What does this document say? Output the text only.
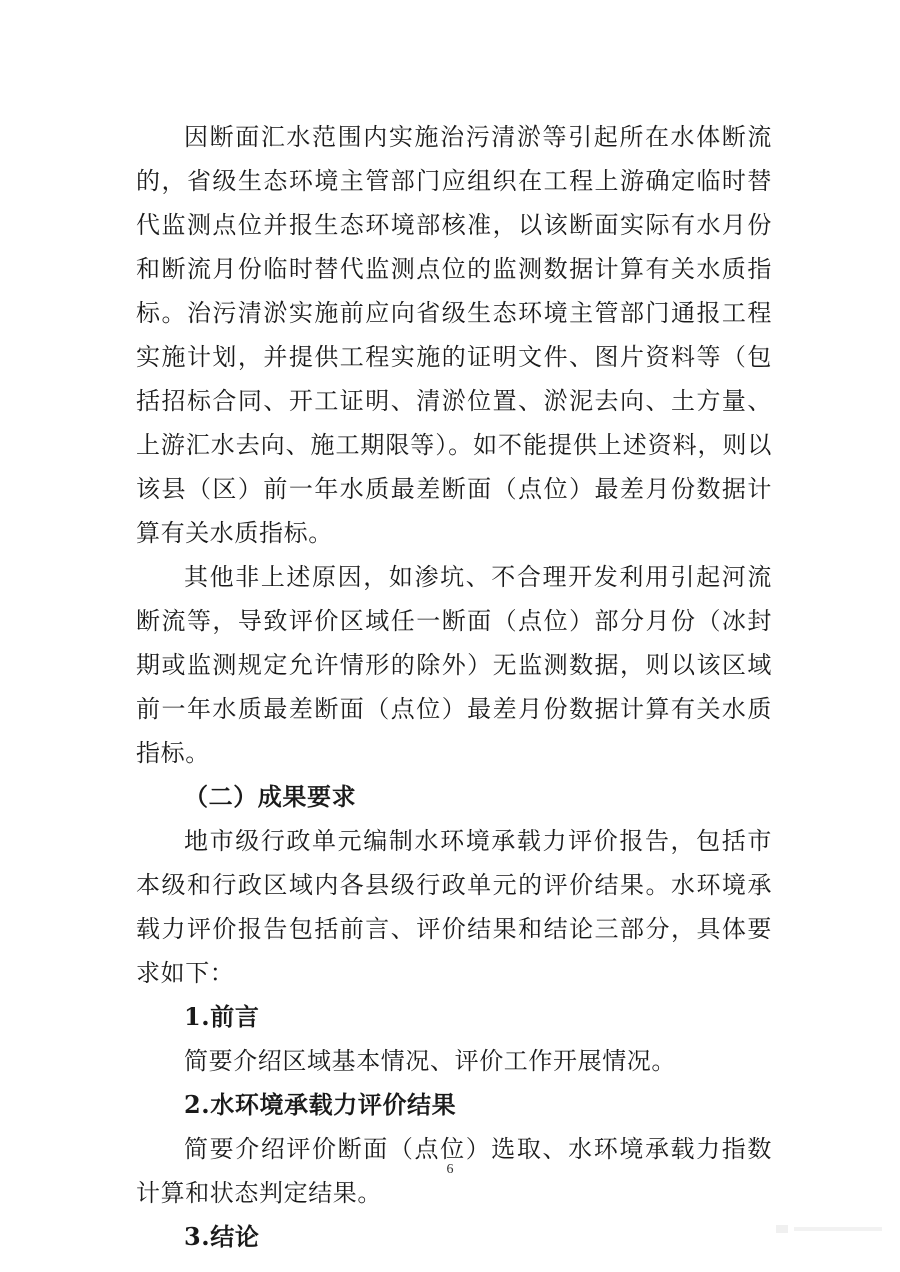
因断面汇水范围内实施治污清淤等引起所在水体断流的，省级生态环境主管部门应组织在工程上游确定临时替代监测点位并报生态环境部核准，以该断面实际有水月份和断流月份临时替代监测点位的监测数据计算有关水质指标。治污清淤实施前应向省级生态环境主管部门通报工程实施计划，并提供工程实施的证明文件、图片资料等（包括招标合同、开工证明、清淤位置、淤泥去向、土方量、上游汇水去向、施工期限等）。如不能提供上述资料，则以该县（区）前一年水质最差断面（点位）最差月份数据计算有关水质指标。

其他非上述原因，如渗坑、不合理开发利用引起河流断流等，导致评价区域任一断面（点位）部分月份（冰封期或监测规定允许情形的除外）无监测数据，则以该区域前一年水质最差断面（点位）最差月份数据计算有关水质指标。

（二）成果要求

地市级行政单元编制水环境承载力评价报告，包括市本级和行政区域内各县级行政单元的评价结果。水环境承载力评价报告包括前言、评价结果和结论三部分，具体要求如下：

1.前言

简要介绍区域基本情况、评价工作开展情况。

2.水环境承载力评价结果

简要介绍评价断面（点位）选取、水环境承载力指数计算和状态判定结果。

3.结论

6
